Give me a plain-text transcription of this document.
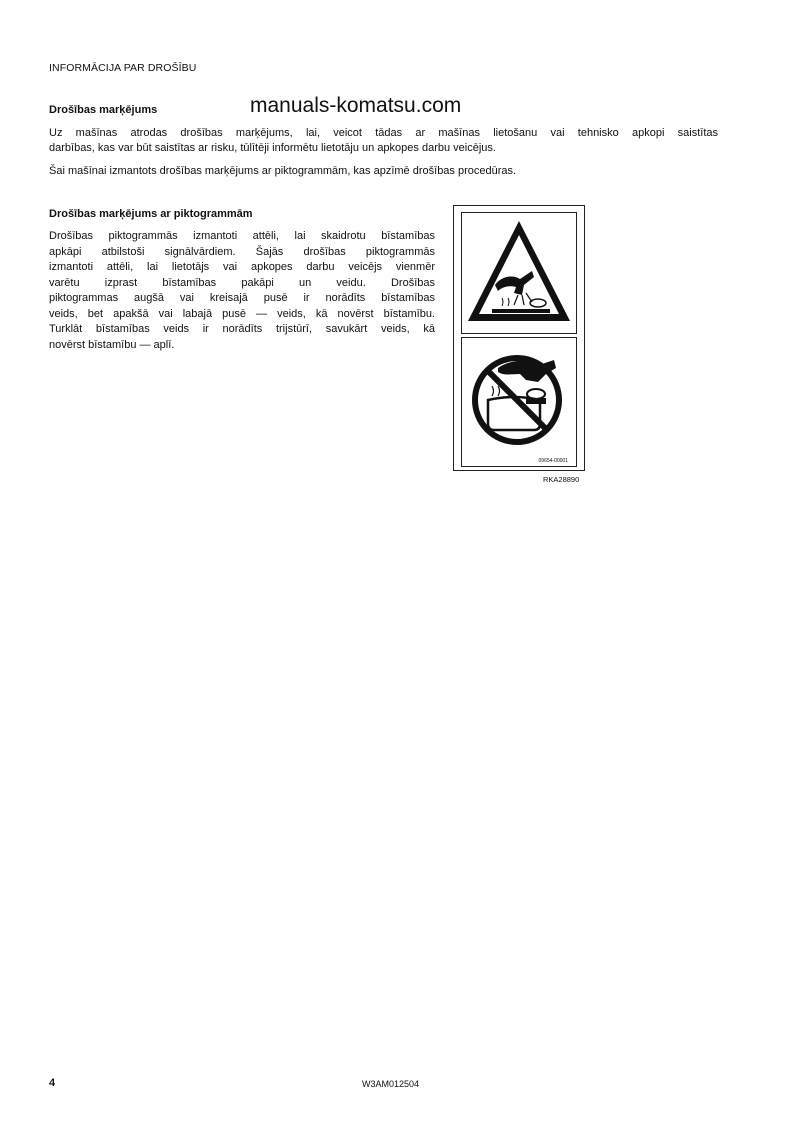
INFORMĀCIJA PAR DROŠĪBU
Drošības marķējums	manuals-komatsu.com
Uz mašīnas atrodas drošības marķējums, lai, veicot tādas ar mašīnas lietošanu vai tehnisko apkopi saistītas
darbības, kas var būt saistītas ar risku, tūlītēji informētu lietotāju un apkopes darbu veicējus.
Šai mašīnai izmantots drošības marķējums ar piktogrammām, kas apzīmē drošības procedūras.
Drošības marķējums ar piktogrammām
Drošības piktogrammās izmantoti attēli, lai skaidrotu bīstamības
apkāpi atbilstoši signālvārdiem. Šajās drošības piktogrammās
izmantoti attēli, lai lietotājs vai apkopes darbu veicējs vienmēr
varētu izprast bīstamības pakāpi un veidu. Drošības
piktogrammas augšā vai kreisajā pusē ir norādīts bīstamības
veids, bet apakšā vai labajā pusē — veids, kā novērst bīstamību.
Turklāt bīstamības veids ir norādīts trijstūrī, savukārt veids, kā
novērst bīstamību — aplī.
09654-00001
RKA28890
4	W3AM012504
